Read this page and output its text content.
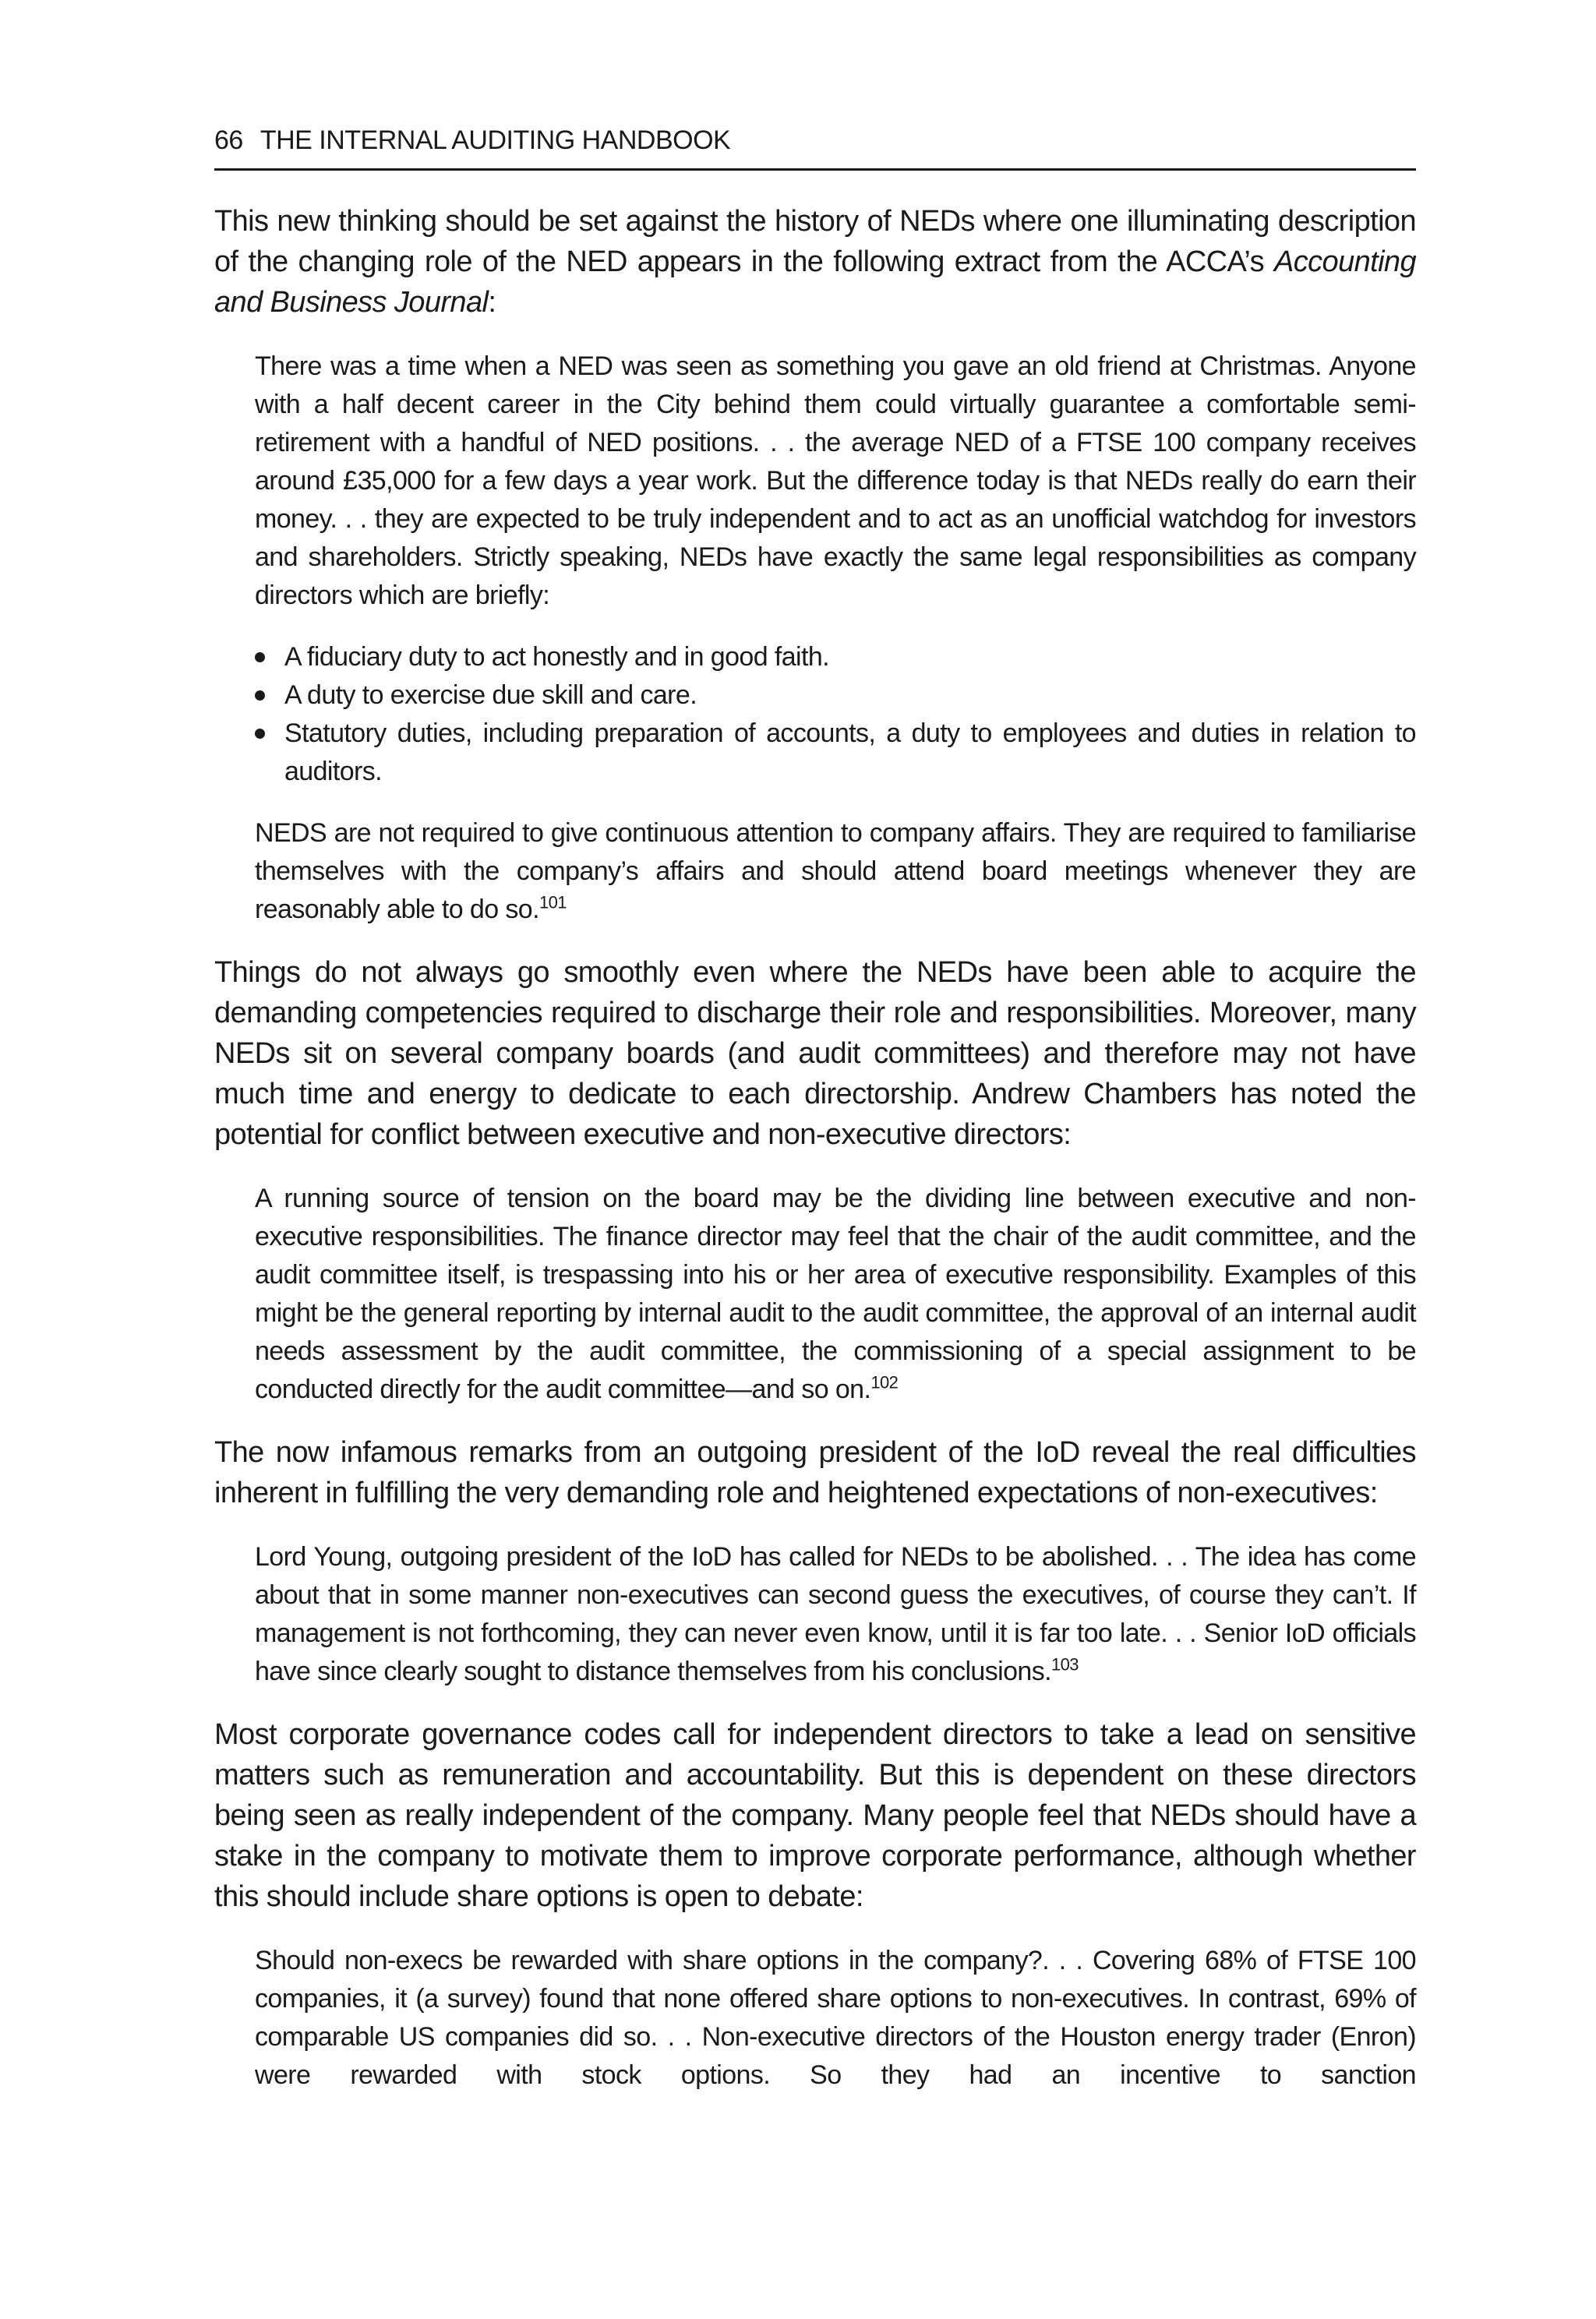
66 THE INTERNAL AUDITING HANDBOOK

This new thinking should be set against the history of NEDs where one illuminating description of the changing role of the NED appears in the following extract from the ACCA’s Accounting and Business Journal:

There was a time when a NED was seen as something you gave an old friend at Christmas. Anyone with a half decent career in the City behind them could virtually guarantee a comfortable semi-retirement with a handful of NED positions. . . the average NED of a FTSE 100 company receives around £35,000 for a few days a year work. But the difference today is that NEDs really do earn their money. . . they are expected to be truly independent and to act as an unofficial watchdog for investors and shareholders. Strictly speaking, NEDs have exactly the same legal responsibilities as company directors which are briefly:

A fiduciary duty to act honestly and in good faith.
A duty to exercise due skill and care.
Statutory duties, including preparation of accounts, a duty to employees and duties in relation to auditors.

NEDS are not required to give continuous attention to company affairs. They are required to familiarise themselves with the company’s affairs and should attend board meetings whenever they are reasonably able to do so.$^{101}$

Things do not always go smoothly even where the NEDs have been able to acquire the demanding competencies required to discharge their role and responsibilities. Moreover, many NEDs sit on several company boards (and audit committees) and therefore may not have much time and energy to dedicate to each directorship. Andrew Chambers has noted the potential for conflict between executive and non-executive directors:

A running source of tension on the board may be the dividing line between executive and non-executive responsibilities. The finance director may feel that the chair of the audit committee, and the audit committee itself, is trespassing into his or her area of executive responsibility. Examples of this might be the general reporting by internal audit to the audit committee, the approval of an internal audit needs assessment by the audit committee, the commissioning of a special assignment to be conducted directly for the audit committee—and so on.$^{102}$

The now infamous remarks from an outgoing president of the IoD reveal the real difficulties inherent in fulfilling the very demanding role and heightened expectations of non-executives:

Lord Young, outgoing president of the IoD has called for NEDs to be abolished. . . The idea has come about that in some manner non-executives can second guess the executives, of course they can’t. If management is not forthcoming, they can never even know, until it is far too late. . . Senior IoD officials have since clearly sought to distance themselves from his conclusions.$^{103}$

Most corporate governance codes call for independent directors to take a lead on sensitive matters such as remuneration and accountability. But this is dependent on these directors being seen as really independent of the company. Many people feel that NEDs should have a stake in the company to motivate them to improve corporate performance, although whether this should include share options is open to debate:

Should non-execs be rewarded with share options in the company?. . . Covering 68% of FTSE 100 companies, it (a survey) found that none offered share options to non-executives. In contrast, 69% of comparable US companies did so. . . Non-executive directors of the Houston energy trader (Enron) were rewarded with stock options. So they had an incentive to sanction
